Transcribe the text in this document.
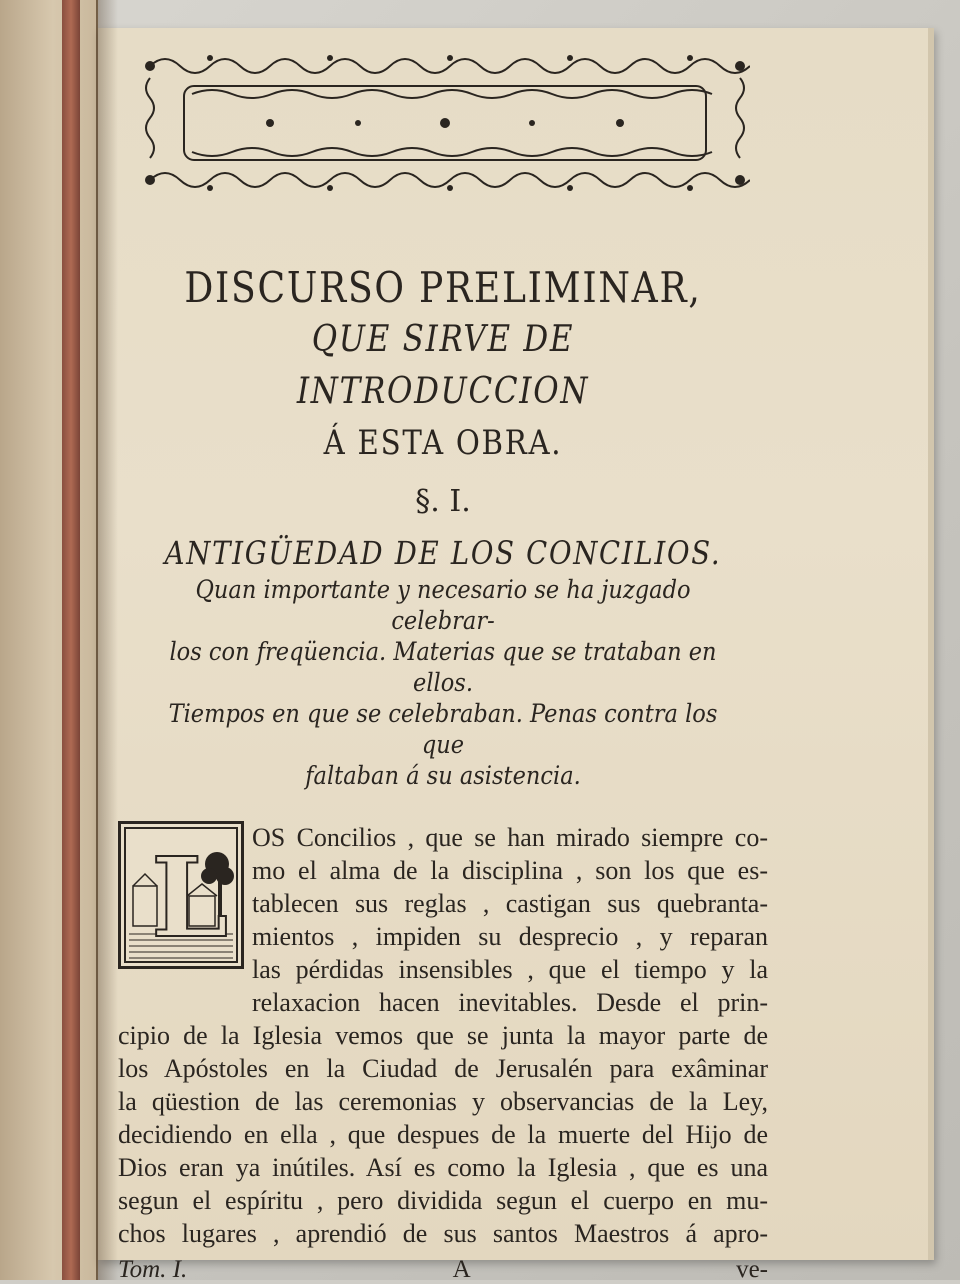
DISCURSO PRELIMINAR,
QUE SIRVE DE INTRODUCCION
Á ESTA OBRA.
§. I.
ANTIGÜEDAD DE LOS CONCILIOS.
Quan importante y necesario se ha juzgado celebrar-
los con freqüencia. Materias que se trataban en ellos.
Tiempos en que se celebraban. Penas contra los que
faltaban á su asistencia.
L OS Concilios , que se han mirado siempre co-
mo el alma de la disciplina , son los que es-
tablecen sus reglas , castigan sus quebranta-
mientos , impiden su desprecio , y reparan
las pérdidas insensibles , que el tiempo y la
relaxacion hacen inevitables. Desde el prin-
cipio de la Iglesia vemos que se junta la mayor parte de
los Apóstoles en la Ciudad de Jerusalén para exâminar
la qüestion de las ceremonias y observancias de la Ley,
decidiendo en ella , que despues de la muerte del Hijo de
Dios eran ya inútiles. Así es como la Iglesia , que es una
segun el espíritu , pero dividida segun el cuerpo en mu-
chos lugares , aprendió de sus santos Maestros á apro-
Tom. I.	A	ve-
